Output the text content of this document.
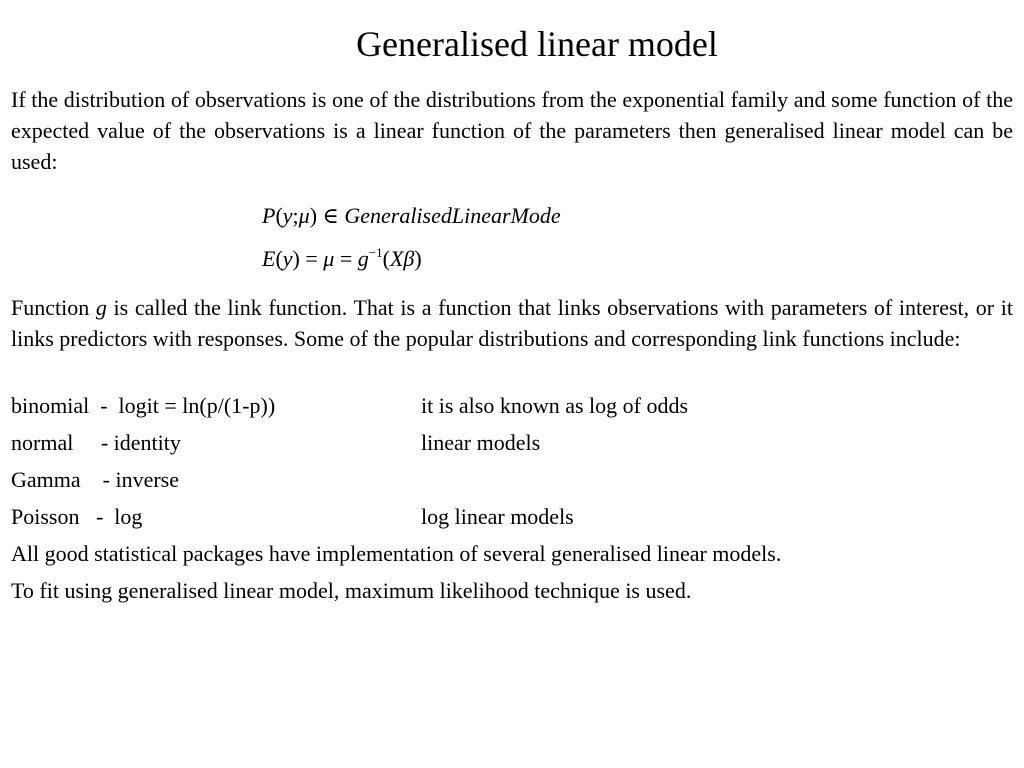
Generalised linear model
If the distribution of observations is one of the distributions from the exponential family and some function of the expected value of the observations is a linear function of the parameters then generalised linear model can be used:
P(y;μ) ∈ GeneralisedLinearMode
$E(y) = \mu = g^{-1}(X\beta)$
Function g is called the link function. That is a function that links observations with parameters of interest, or it links predictors with responses. Some of the popular distributions and corresponding link functions include:
binomial  -  logit = ln(p/(1-p))	it is also known as log of odds
normal     - identity	linear models
Gamma    - inverse
Poisson   -  log	log linear models
All good statistical packages have implementation of several generalised linear models.
To fit using generalised linear model, maximum likelihood technique is used.
